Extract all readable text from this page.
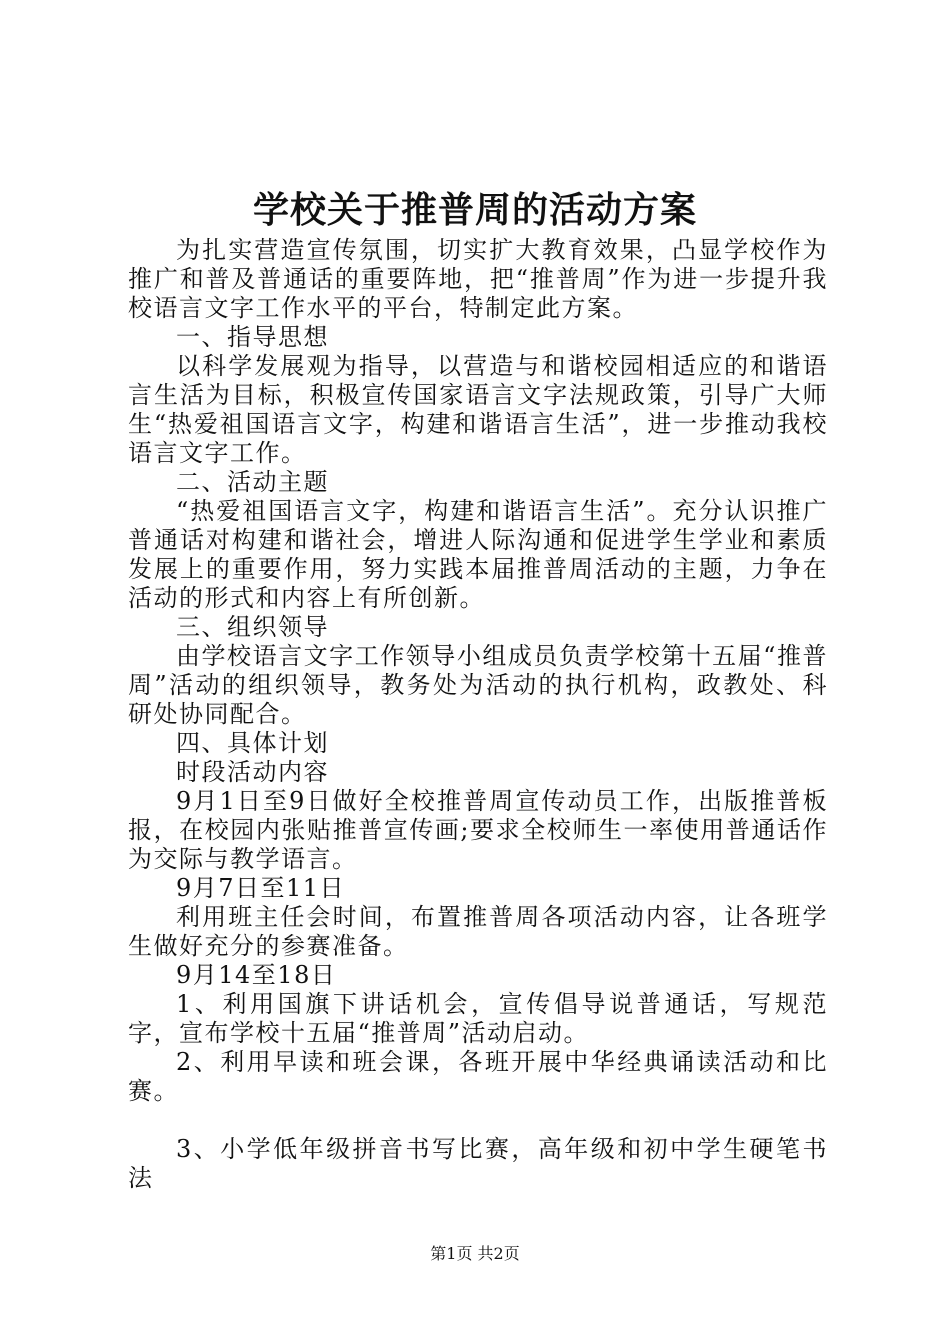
学校关于推普周的活动方案

为扎实营造宣传氛围，切实扩大教育效果，凸显学校作为推广和普及普通话的重要阵地，把“推普周”作为进一步提升我校语言文字工作水平的平台，特制定此方案。

一、指导思想

以科学发展观为指导，以营造与和谐校园相适应的和谐语言生活为目标，积极宣传国家语言文字法规政策，引导广大师生“热爱祖国语言文字，构建和谐语言生活”，进一步推动我校语言文字工作。

二、活动主题

“热爱祖国语言文字，构建和谐语言生活”。充分认识推广普通话对构建和谐社会，增进人际沟通和促进学生学业和素质发展上的重要作用，努力实践本届推普周活动的主题，力争在活动的形式和内容上有所创新。

三、组织领导

由学校语言文字工作领导小组成员负责学校第十五届“推普周”活动的组织领导，教务处为活动的执行机构，政教处、科研处协同配合。

四、具体计划

时段活动内容

9月1日至9日做好全校推普周宣传动员工作，出版推普板报，在校园内张贴推普宣传画;要求全校师生一率使用普通话作为交际与教学语言。

9月7日至11日

利用班主任会时间，布置推普周各项活动内容，让各班学生做好充分的参赛准备。

9月14至18日

1、利用国旗下讲话机会，宣传倡导说普通话，写规范字，宣布学校十五届“推普周”活动启动。

2、利用早读和班会课，各班开展中华经典诵读活动和比赛。

3、小学低年级拼音书写比赛，高年级和初中学生硬笔书法

第1页 共2页
